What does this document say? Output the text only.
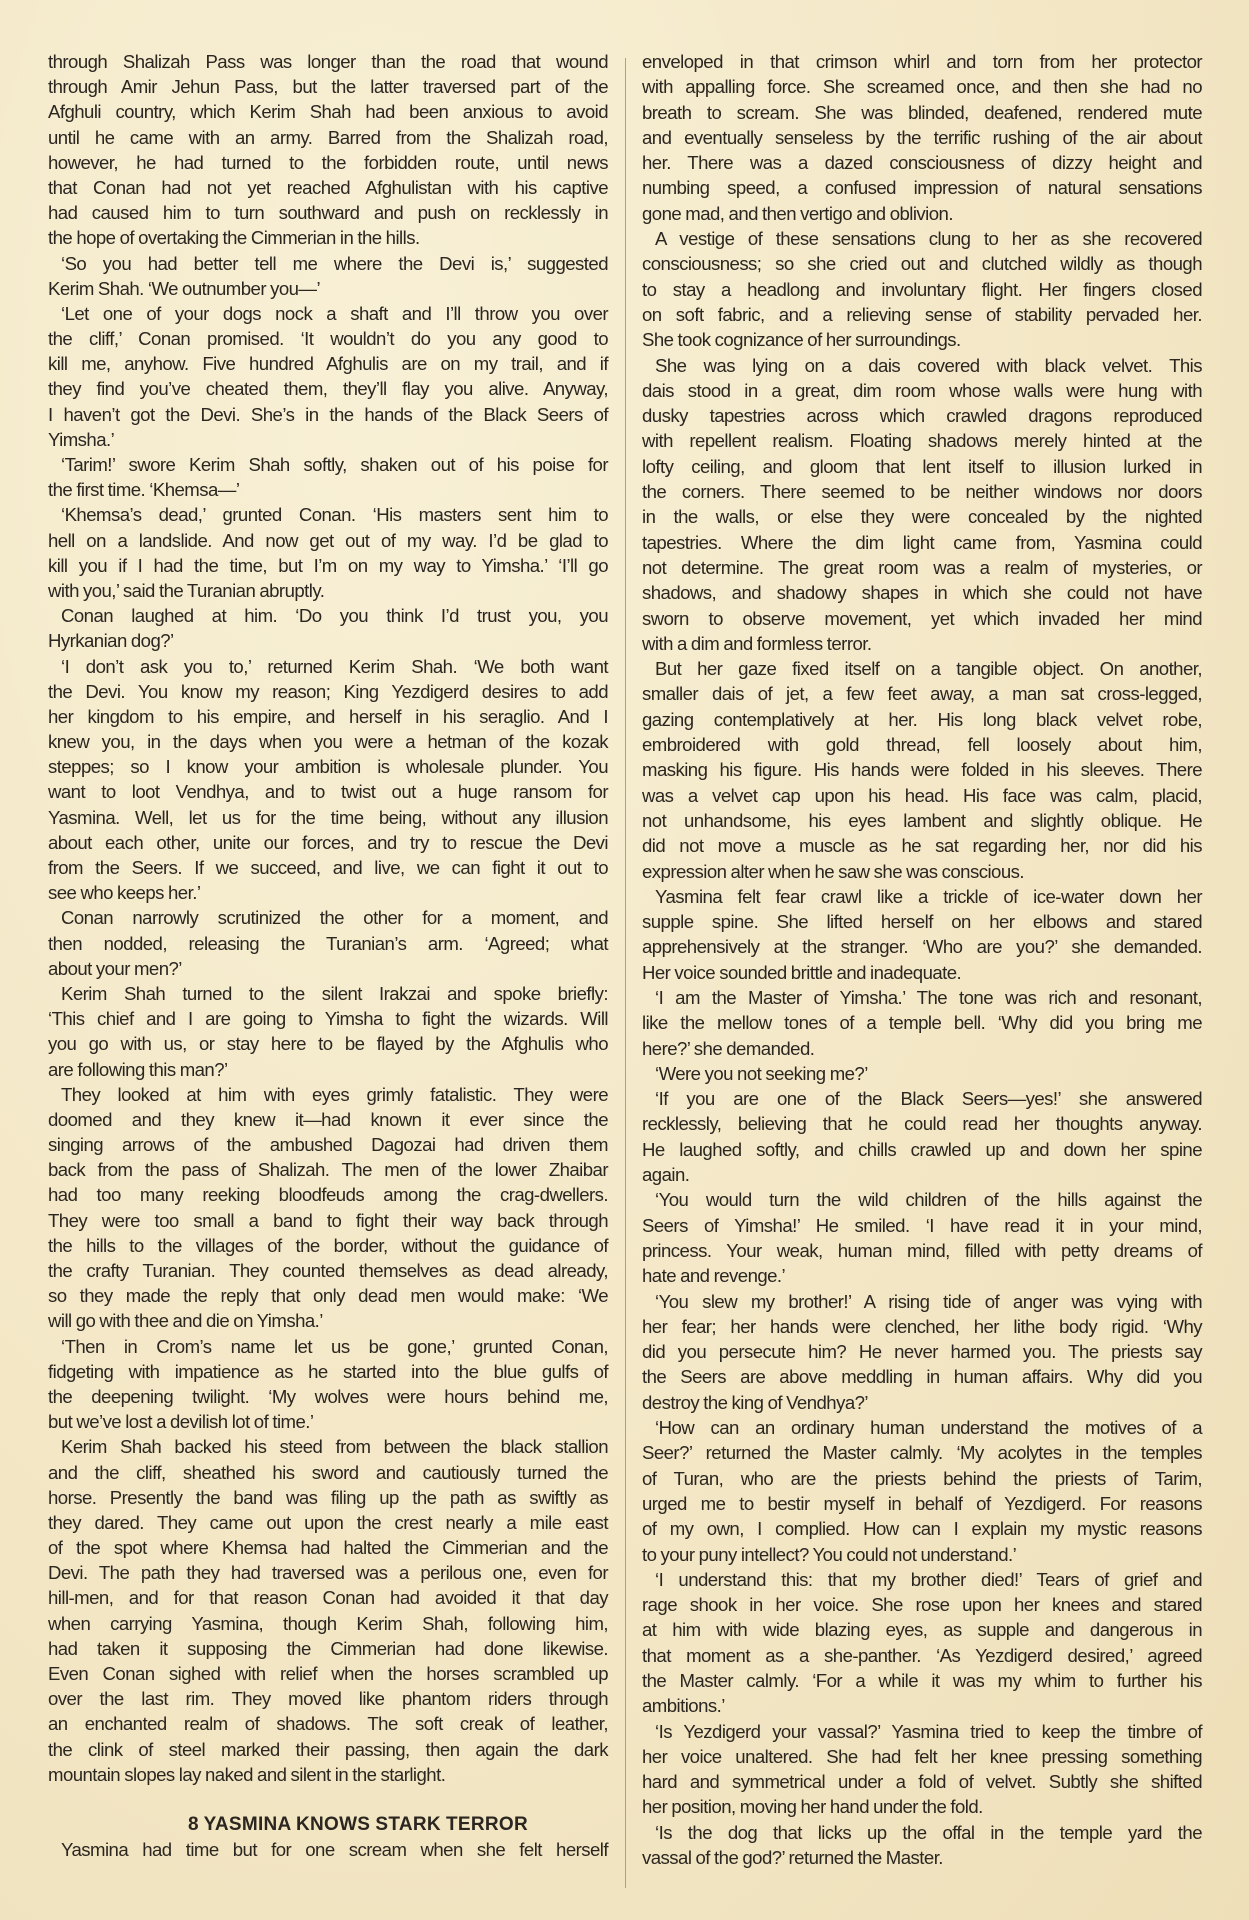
through Shalizah Pass was longer than the road that wound
through Amir Jehun Pass, but the latter traversed part of the
Afghuli country, which Kerim Shah had been anxious to avoid
until he came with an army. Barred from the Shalizah road,
however, he had turned to the forbidden route, until news
that Conan had not yet reached Afghulistan with his captive
had caused him to turn southward and push on recklessly in
the hope of overtaking the Cimmerian in the hills.
‘So you had better tell me where the Devi is,’ suggested
Kerim Shah. ‘We outnumber you—’
‘Let one of your dogs nock a shaft and I’ll throw you over
the cliff,’ Conan promised. ‘It wouldn’t do you any good to
kill me, anyhow. Five hundred Afghulis are on my trail, and if
they find you’ve cheated them, they’ll flay you alive. Anyway,
I haven’t got the Devi. She’s in the hands of the Black Seers of
Yimsha.’
‘Tarim!’ swore Kerim Shah softly, shaken out of his poise for
the first time. ‘Khemsa—’
‘Khemsa’s dead,’ grunted Conan. ‘His masters sent him to
hell on a landslide. And now get out of my way. I’d be glad to
kill you if I had the time, but I’m on my way to Yimsha.’ ‘I’ll go
with you,’ said the Turanian abruptly.
Conan laughed at him. ‘Do you think I’d trust you, you
Hyrkanian dog?’
‘I don’t ask you to,’ returned Kerim Shah. ‘We both want
the Devi. You know my reason; King Yezdigerd desires to add
her kingdom to his empire, and herself in his seraglio. And I
knew you, in the days when you were a hetman of the kozak
steppes; so I know your ambition is wholesale plunder. You
want to loot Vendhya, and to twist out a huge ransom for
Yasmina. Well, let us for the time being, without any illusion
about each other, unite our forces, and try to rescue the Devi
from the Seers. If we succeed, and live, we can fight it out to
see who keeps her.’
Conan narrowly scrutinized the other for a moment, and
then nodded, releasing the Turanian’s arm. ‘Agreed; what
about your men?’
Kerim Shah turned to the silent Irakzai and spoke briefly:
‘This chief and I are going to Yimsha to fight the wizards. Will
you go with us, or stay here to be flayed by the Afghulis who
are following this man?’
They looked at him with eyes grimly fatalistic. They were
doomed and they knew it—had known it ever since the
singing arrows of the ambushed Dagozai had driven them
back from the pass of Shalizah. The men of the lower Zhaibar
had too many reeking bloodfeuds among the crag-dwellers.
They were too small a band to fight their way back through
the hills to the villages of the border, without the guidance of
the crafty Turanian. They counted themselves as dead already,
so they made the reply that only dead men would make: ‘We
will go with thee and die on Yimsha.’
‘Then in Crom’s name let us be gone,’ grunted Conan,
fidgeting with impatience as he started into the blue gulfs of
the deepening twilight. ‘My wolves were hours behind me,
but we’ve lost a devilish lot of time.’
Kerim Shah backed his steed from between the black stallion
and the cliff, sheathed his sword and cautiously turned the
horse. Presently the band was filing up the path as swiftly as
they dared. They came out upon the crest nearly a mile east
of the spot where Khemsa had halted the Cimmerian and the
Devi. The path they had traversed was a perilous one, even for
hill-men, and for that reason Conan had avoided it that day
when carrying Yasmina, though Kerim Shah, following him,
had taken it supposing the Cimmerian had done likewise.
Even Conan sighed with relief when the horses scrambled up
over the last rim. They moved like phantom riders through
an enchanted realm of shadows. The soft creak of leather,
the clink of steel marked their passing, then again the dark
mountain slopes lay naked and silent in the starlight.
8 YASMINA KNOWS STARK TERROR
Yasmina had time but for one scream when she felt herself
enveloped in that crimson whirl and torn from her protector
with appalling force. She screamed once, and then she had no
breath to scream. She was blinded, deafened, rendered mute
and eventually senseless by the terrific rushing of the air about
her. There was a dazed consciousness of dizzy height and
numbing speed, a confused impression of natural sensations
gone mad, and then vertigo and oblivion.
A vestige of these sensations clung to her as she recovered
consciousness; so she cried out and clutched wildly as though
to stay a headlong and involuntary flight. Her fingers closed
on soft fabric, and a relieving sense of stability pervaded her.
She took cognizance of her surroundings.
She was lying on a dais covered with black velvet. This
dais stood in a great, dim room whose walls were hung with
dusky tapestries across which crawled dragons reproduced
with repellent realism. Floating shadows merely hinted at the
lofty ceiling, and gloom that lent itself to illusion lurked in
the corners. There seemed to be neither windows nor doors
in the walls, or else they were concealed by the nighted
tapestries. Where the dim light came from, Yasmina could
not determine. The great room was a realm of mysteries, or
shadows, and shadowy shapes in which she could not have
sworn to observe movement, yet which invaded her mind
with a dim and formless terror.
But her gaze fixed itself on a tangible object. On another,
smaller dais of jet, a few feet away, a man sat cross-legged,
gazing contemplatively at her. His long black velvet robe,
embroidered with gold thread, fell loosely about him,
masking his figure. His hands were folded in his sleeves. There
was a velvet cap upon his head. His face was calm, placid,
not unhandsome, his eyes lambent and slightly oblique. He
did not move a muscle as he sat regarding her, nor did his
expression alter when he saw she was conscious.
Yasmina felt fear crawl like a trickle of ice-water down her
supple spine. She lifted herself on her elbows and stared
apprehensively at the stranger. ‘Who are you?’ she demanded.
Her voice sounded brittle and inadequate.
‘I am the Master of Yimsha.’ The tone was rich and resonant,
like the mellow tones of a temple bell. ‘Why did you bring me
here?’ she demanded.
‘Were you not seeking me?’
‘If you are one of the Black Seers—yes!’ she answered
recklessly, believing that he could read her thoughts anyway.
He laughed softly, and chills crawled up and down her spine
again.
‘You would turn the wild children of the hills against the
Seers of Yimsha!’ He smiled. ‘I have read it in your mind,
princess. Your weak, human mind, filled with petty dreams of
hate and revenge.’
‘You slew my brother!’ A rising tide of anger was vying with
her fear; her hands were clenched, her lithe body rigid. ‘Why
did you persecute him? He never harmed you. The priests say
the Seers are above meddling in human affairs. Why did you
destroy the king of Vendhya?’
‘How can an ordinary human understand the motives of a
Seer?’ returned the Master calmly. ‘My acolytes in the temples
of Turan, who are the priests behind the priests of Tarim,
urged me to bestir myself in behalf of Yezdigerd. For reasons
of my own, I complied. How can I explain my mystic reasons
to your puny intellect? You could not understand.’
‘I understand this: that my brother died!’ Tears of grief and
rage shook in her voice. She rose upon her knees and stared
at him with wide blazing eyes, as supple and dangerous in
that moment as a she-panther. ‘As Yezdigerd desired,’ agreed
the Master calmly. ‘For a while it was my whim to further his
ambitions.’
‘Is Yezdigerd your vassal?’ Yasmina tried to keep the timbre of
her voice unaltered. She had felt her knee pressing something
hard and symmetrical under a fold of velvet. Subtly she shifted
her position, moving her hand under the fold.
‘Is the dog that licks up the offal in the temple yard the
vassal of the god?’ returned the Master.
